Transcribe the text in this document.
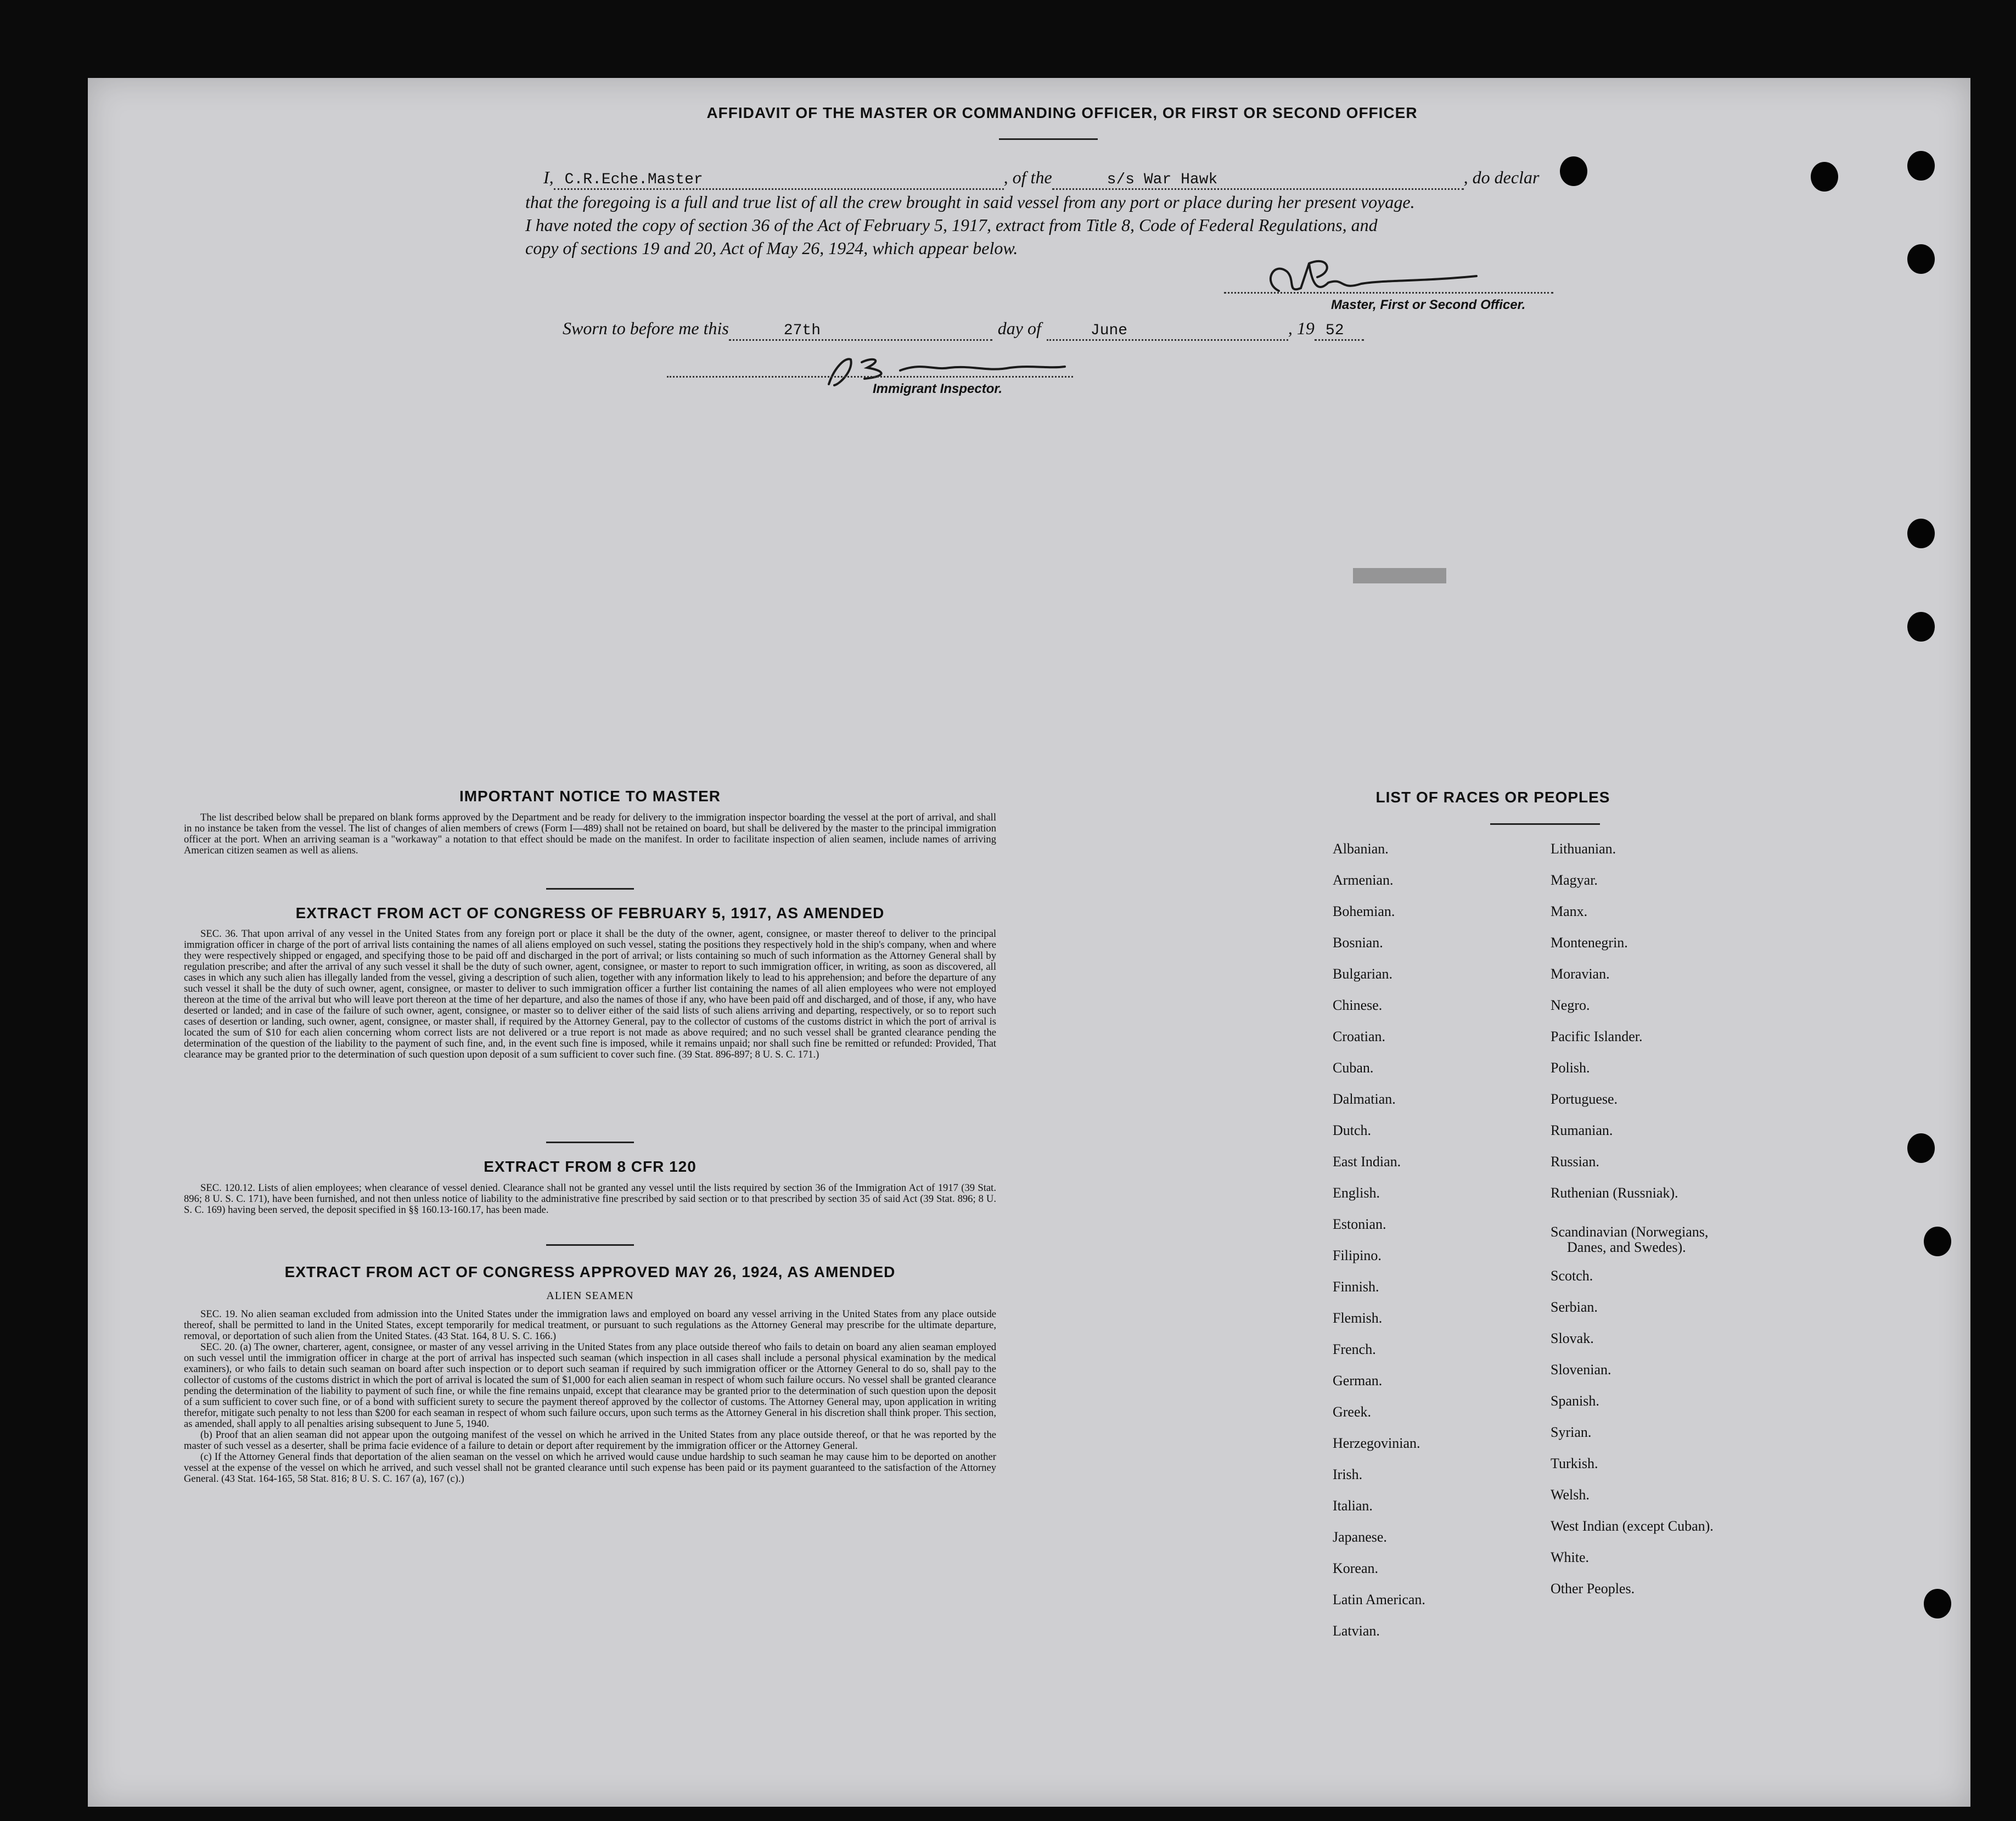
AFFIDAVIT OF THE MASTER OR COMMANDING OFFICER, OR FIRST OR SECOND OFFICER
I, C.R.Eche.Master	, of the	s/s War Hawk	, do declar
that the foregoing is a full and true list of all the crew brought in said vessel from any port or place during her present voyage.
I have noted the copy of section 36 of the Act of February 5, 1917, extract from Title 8, Code of Federal Regulations, and
copy of sections 19 and 20, Act of May 26, 1924, which appear below.
Master, First or Second Officer.
Sworn to before me this	27th	day of	June	, 19 52
Immigrant Inspector.
IMPORTANT NOTICE TO MASTER

The list described below shall be prepared on blank forms approved by the Department and be ready for delivery to the immigration inspector boarding the vessel at the port of arrival, and shall in no instance be taken from the vessel. The list of changes of alien members of crews (Form I—489) shall not be retained on board, but shall be delivered by the master to the principal immigration officer at the port. When an arriving seaman is a "workaway" a notation to that effect should be made on the manifest. In order to facilitate inspection of alien seamen, include names of arriving American citizen seamen as well as aliens.

EXTRACT FROM ACT OF CONGRESS OF FEBRUARY 5, 1917, AS AMENDED

SEC. 36. That upon arrival of any vessel in the United States from any foreign port or place it shall be the duty of the owner, agent, consignee, or master thereof to deliver to the principal immigration officer in charge of the port of arrival lists containing the names of all aliens employed on such vessel, stating the positions they respectively hold in the ship's company, when and where they were respectively shipped or engaged, and specifying those to be paid off and discharged in the port of arrival; or lists containing so much of such information as the Attorney General shall by regulation prescribe; and after the arrival of any such vessel it shall be the duty of such owner, agent, consignee, or master to report to such immigration officer, in writing, as soon as discovered, all cases in which any such alien has illegally landed from the vessel, giving a description of such alien, together with any information likely to lead to his apprehension; and before the departure of any such vessel it shall be the duty of such owner, agent, consignee, or master to deliver to such immigration officer a further list containing the names of all alien employees who were not employed thereon at the time of the arrival but who will leave port thereon at the time of her departure, and also the names of those if any, who have been paid off and discharged, and of those, if any, who have deserted or landed; and in case of the failure of such owner, agent, consignee, or master so to deliver either of the said lists of such aliens arriving and departing, respectively, or so to report such cases of desertion or landing, such owner, agent, consignee, or master shall, if required by the Attorney General, pay to the collector of customs of the customs district in which the port of arrival is located the sum of $10 for each alien concerning whom correct lists are not delivered or a true report is not made as above required; and no such vessel shall be granted clearance pending the determination of the question of the liability to the payment of such fine, and, in the event such fine is imposed, while it remains unpaid; nor shall such fine be remitted or refunded: Provided, That clearance may be granted prior to the determination of such question upon deposit of a sum sufficient to cover such fine. (39 Stat. 896-897; 8 U. S. C. 171.)

EXTRACT FROM 8 CFR 120

SEC. 120.12. Lists of alien employees; when clearance of vessel denied. Clearance shall not be granted any vessel until the lists required by section 36 of the Immigration Act of 1917 (39 Stat. 896; 8 U. S. C. 171), have been furnished, and not then unless notice of liability to the administrative fine prescribed by said section or to that prescribed by section 35 of said Act (39 Stat. 896; 8 U. S. C. 169) having been served, the deposit specified in §§ 160.13-160.17, has been made.

EXTRACT FROM ACT OF CONGRESS APPROVED MAY 26, 1924, AS AMENDED
ALIEN SEAMEN

SEC. 19. No alien seaman excluded from admission into the United States under the immigration laws and employed on board any vessel arriving in the United States from any place outside thereof, shall be permitted to land in the United States, except temporarily for medical treatment, or pursuant to such regulations as the Attorney General may prescribe for the ultimate departure, removal, or deportation of such alien from the United States. (43 Stat. 164, 8 U. S. C. 166.)

SEC. 20. (a) The owner, charterer, agent, consignee, or master of any vessel arriving in the United States from any place outside thereof who fails to detain on board any alien seaman employed on such vessel until the immigration officer in charge at the port of arrival has inspected such seaman (which inspection in all cases shall include a personal physical examination by the medical examiners), or who fails to detain such seaman on board after such inspection or to deport such seaman if required by such immigration officer or the Attorney General to do so, shall pay to the collector of customs of the customs district in which the port of arrival is located the sum of $1,000 for each alien seaman in respect of whom such failure occurs. No vessel shall be granted clearance pending the determination of the liability to payment of such fine, or while the fine remains unpaid, except that clearance may be granted prior to the determination of such question upon the deposit of a sum sufficient to cover such fine, or of a bond with sufficient surety to secure the payment thereof approved by the collector of customs. The Attorney General may, upon application in writing therefor, mitigate such penalty to not less than $200 for each seaman in respect of whom such failure occurs, upon such terms as the Attorney General in his discretion shall think proper. This section, as amended, shall apply to all penalties arising subsequent to June 5, 1940.

(b) Proof that an alien seaman did not appear upon the outgoing manifest of the vessel on which he arrived in the United States from any place outside thereof, or that he was reported by the master of such vessel as a deserter, shall be prima facie evidence of a failure to detain or deport after requirement by the immigration officer or the Attorney General.

(c) If the Attorney General finds that deportation of the alien seaman on the vessel on which he arrived would cause undue hardship to such seaman he may cause him to be deported on another vessel at the expense of the vessel on which he arrived, and such vessel shall not be granted clearance until such expense has been paid or its payment guaranteed to the satisfaction of the Attorney General. (43 Stat. 164-165, 58 Stat. 816; 8 U. S. C. 167 (a), 167 (c).)

LIST OF RACES OR PEOPLES
Albanian.
Armenian.
Bohemian.
Bosnian.
Bulgarian.
Chinese.
Croatian.
Cuban.
Dalmatian.
Dutch.
East Indian.
English.
Estonian.
Filipino.
Finnish.
Flemish.
French.
German.
Greek.
Herzegovinian.
Irish.
Italian.
Japanese.
Korean.
Latin American.
Latvian.
Lithuanian.
Magyar.
Manx.
Montenegrin.
Moravian.
Negro.
Pacific Islander.
Polish.
Portuguese.
Rumanian.
Russian.
Ruthenian (Russniak).
Scandinavian (Norwegians,
Danes, and Swedes).
Scotch.
Serbian.
Slovak.
Slovenian.
Spanish.
Syrian.
Turkish.
Welsh.
West Indian (except Cuban).
White.
Other Peoples.
